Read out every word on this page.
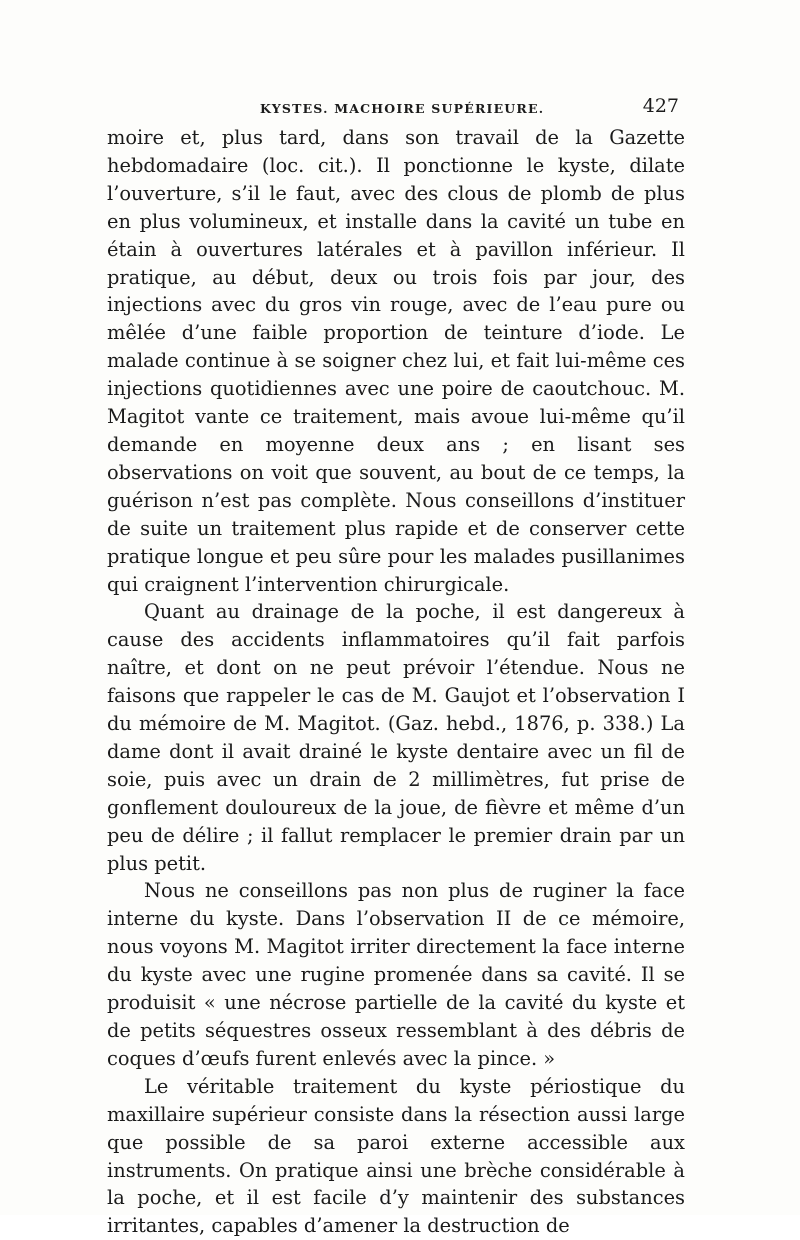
KYSTES. MACHOIRE SUPÉRIEURE.	427

moire et, plus tard, dans son travail de la Gazette hebdomadaire (loc. cit.). Il ponctionne le kyste, dilate l’ouverture, s’il le faut, avec des clous de plomb de plus en plus volumineux, et installe dans la cavité un tube en étain à ouvertures latérales et à pavillon inférieur. Il pratique, au début, deux ou trois fois par jour, des injections avec du gros vin rouge, avec de l’eau pure ou mêlée d’une faible proportion de teinture d’iode. Le malade continue à se soigner chez lui, et fait lui-même ces injections quotidiennes avec une poire de caoutchouc. M. Magitot vante ce traitement, mais avoue lui-même qu’il demande en moyenne deux ans ; en lisant ses observations on voit que souvent, au bout de ce temps, la guérison n’est pas complète. Nous conseillons d’instituer de suite un traitement plus rapide et de conserver cette pratique longue et peu sûre pour les malades pusillanimes qui craignent l’intervention chirurgicale.

Quant au drainage de la poche, il est dangereux à cause des accidents inflammatoires qu’il fait parfois naître, et dont on ne peut prévoir l’étendue. Nous ne faisons que rappeler le cas de M. Gaujot et l’observation I du mémoire de M. Magitot. (Gaz. hebd., 1876, p. 338.) La dame dont il avait drainé le kyste dentaire avec un fil de soie, puis avec un drain de 2 millimètres, fut prise de gonflement douloureux de la joue, de fièvre et même d’un peu de délire ; il fallut remplacer le premier drain par un plus petit.

Nous ne conseillons pas non plus de ruginer la face interne du kyste. Dans l’observation II de ce mémoire, nous voyons M. Magitot irriter directement la face interne du kyste avec une rugine promenée dans sa cavité. Il se produisit « une nécrose partielle de la cavité du kyste et de petits séquestres osseux ressemblant à des débris de coques d’œufs furent enlevés avec la pince. »

Le véritable traitement du kyste périostique du maxillaire supérieur consiste dans la résection aussi large que possible de sa paroi externe accessible aux instruments. On pratique ainsi une brèche considérable à la poche, et il est facile d’y maintenir des substances irritantes, capables d’amener la destruction de
